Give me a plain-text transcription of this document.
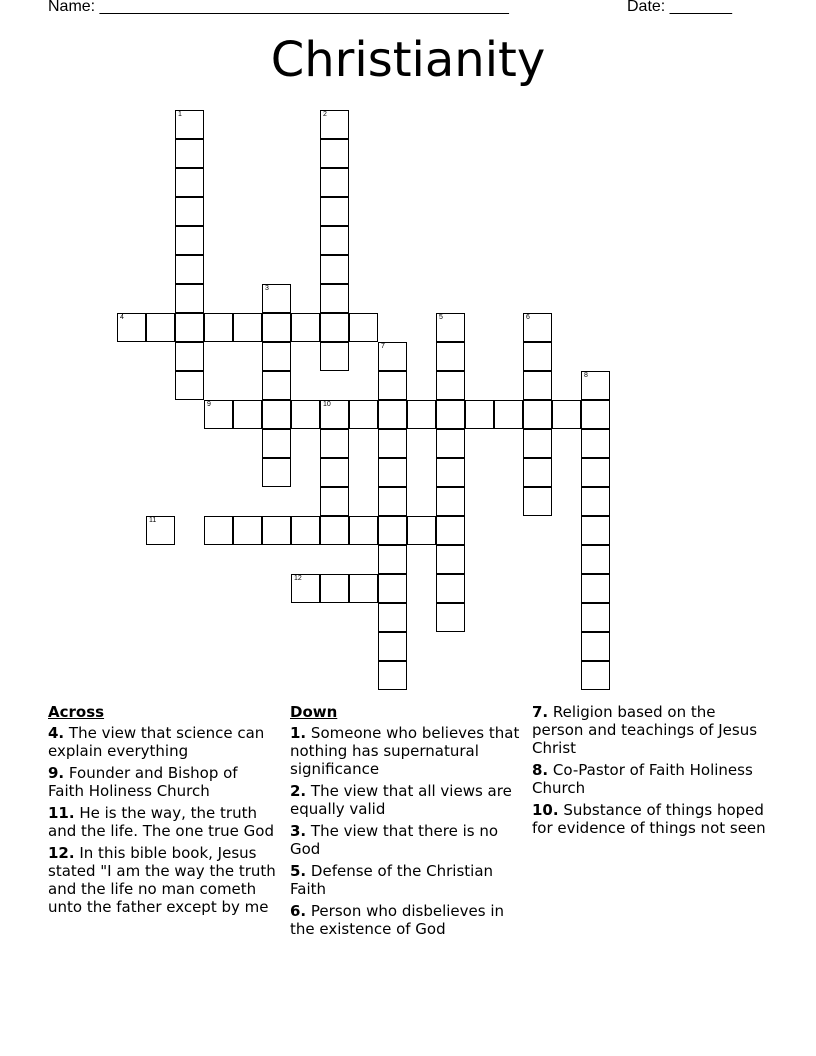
Name: ______________________________________________	Date: _______
Christianity
1	2
3
4	5	6
7
8
9	10
11
12
Across
4. The view that science can explain everything
9. Founder and Bishop of Faith Holiness Church
11. He is the way, the truth and the life. The one true God
12. In this bible book, Jesus stated "I am the way the truth and the life no man cometh unto the father except by me
Down
1. Someone who believes that nothing has supernatural significance
2. The view that all views are equally valid
3. The view that there is no God
5. Defense of the Christian Faith
6. Person who disbelieves in the existence of God
7. Religion based on the person and teachings of Jesus Christ
8. Co-Pastor of Faith Holiness Church
10. Substance of things hoped for evidence of things not seen
